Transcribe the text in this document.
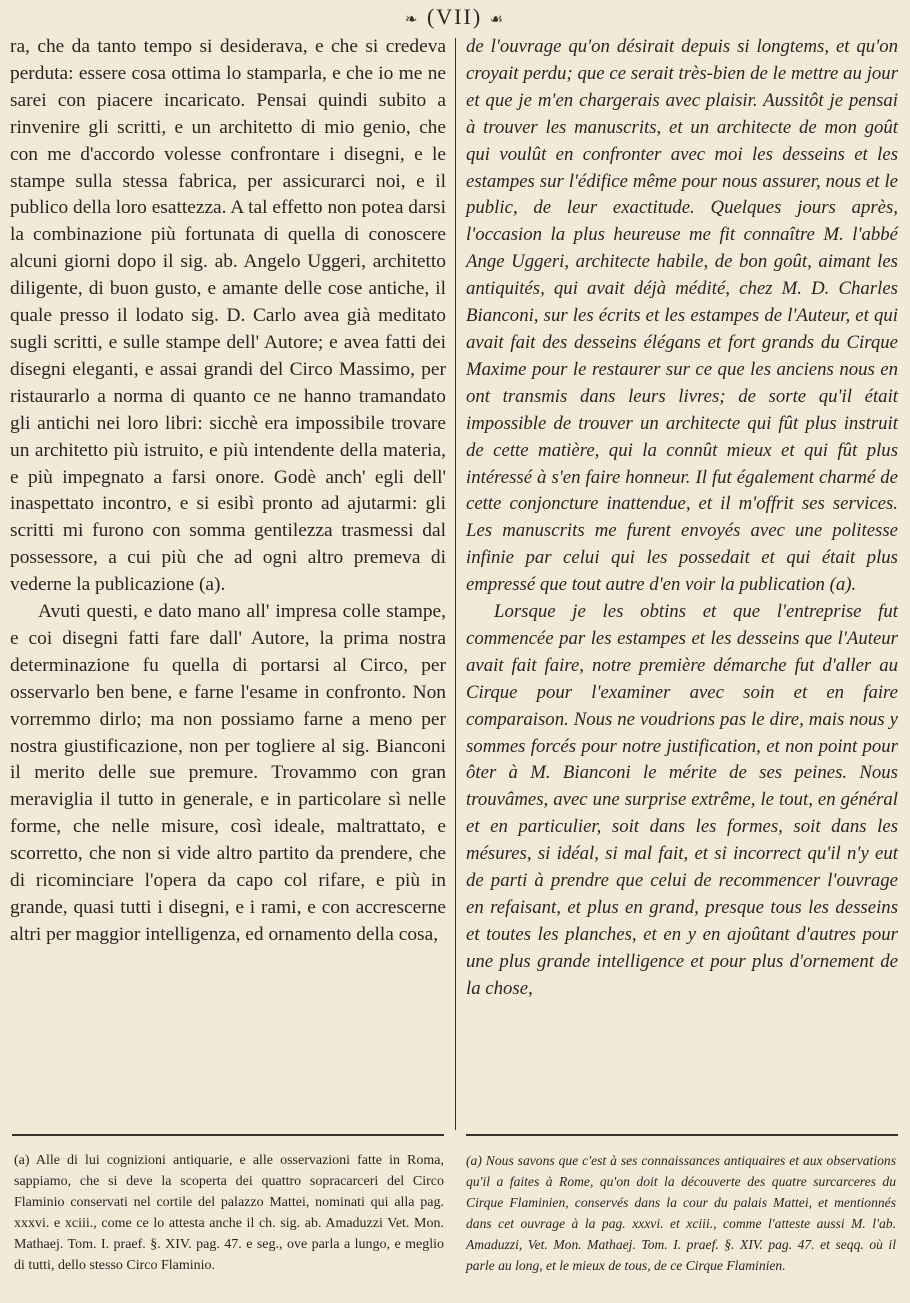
❧ (VII) ☙

ra, che da tanto tempo si desiderava, e che si credeva perduta: essere cosa ottima lo stamparla, e che io me ne sarei con piacere incaricato. Pensai quindi subito a rinvenire gli scritti, e un architetto di mio genio, che con me d'accordo volesse confrontare i disegni, e le stampe sulla stessa fabrica, per assicurarci noi, e il publico della loro esattezza. A tal effetto non potea darsi la combinazione più fortunata di quella di conoscere alcuni giorni dopo il sig. ab. Angelo Uggeri, architetto diligente, di buon gusto, e amante delle cose antiche, il quale presso il lodato sig. D. Carlo avea già meditato sugli scritti, e sulle stampe dell' Autore; e avea fatti dei disegni eleganti, e assai grandi del Circo Massimo, per ristaurarlo a norma di quanto ce ne hanno tramandato gli antichi nei loro libri: sicchè era impossibile trovare un architetto più istruito, e più intendente della materia, e più impegnato a farsi onore. Godè anch' egli dell' inaspettato incontro, e si esibì pronto ad ajutarmi: gli scritti mi furono con somma gentilezza trasmessi dal possessore, a cui più che ad ogni altro premeva di vederne la publicazione (a).

Avuti questi, e dato mano all' impresa colle stampe, e coi disegni fatti fare dall' Autore, la prima nostra determinazione fu quella di portarsi al Circo, per osservarlo ben bene, e farne l'esame in confronto. Non vorremmo dirlo; ma non possiamo farne a meno per nostra giustificazione, non per togliere al sig. Bianconi il merito delle sue premure. Trovammo con gran meraviglia il tutto in generale, e in particolare sì nelle forme, che nelle misure, così ideale, maltrattato, e scorretto, che non si vide altro partito da prendere, che di ricominciare l'opera da capo col rifare, e più in grande, quasi tutti i disegni, e i rami, e con accrescerne altri per maggior intelligenza, ed ornamento della cosa,

de l'ouvrage qu'on désirait depuis si longtems, et qu'on croyait perdu; que ce serait très-bien de le mettre au jour et que je m'en chargerais avec plaisir. Aussitôt je pensai à trouver les manuscrits, et un architecte de mon goût qui voulût en confronter avec moi les desseins et les estampes sur l'édifice même pour nous assurer, nous et le public, de leur exactitude. Quelques jours après, l'occasion la plus heureuse me fit connaître M. l'abbé Ange Uggeri, architecte habile, de bon goût, aimant les antiquités, qui avait déjà médité, chez M. D. Charles Bianconi, sur les écrits et les estampes de l'Auteur, et qui avait fait des desseins élégans et fort grands du Cirque Maxime pour le restaurer sur ce que les anciens nous en ont transmis dans leurs livres; de sorte qu'il était impossible de trouver un architecte qui fût plus instruit de cette matière, qui la connût mieux et qui fût plus intéressé à s'en faire honneur. Il fut également charmé de cette conjoncture inattendue, et il m'offrit ses services. Les manuscrits me furent envoyés avec une politesse infinie par celui qui les possedait et qui était plus empressé que tout autre d'en voir la publication (a).

Lorsque je les obtins et que l'entreprise fut commencée par les estampes et les desseins que l'Auteur avait fait faire, notre première démarche fut d'aller au Cirque pour l'examiner avec soin et en faire comparaison. Nous ne voudrions pas le dire, mais nous y sommes forcés pour notre justification, et non point pour ôter à M. Bianconi le mérite de ses peines. Nous trouvâmes, avec une surprise extrême, le tout, en général et en particulier, soit dans les formes, soit dans les mésures, si idéal, si mal fait, et si incorrect qu'il n'y eut de parti à prendre que celui de recommencer l'ouvrage en refaisant, et plus en grand, presque tous les desseins et toutes les planches, et en y en ajoûtant d'autres pour une plus grande intelligence et pour plus d'ornement de la chose,

(a) Alle di lui cognizioni antiquarie, e alle osservazioni fatte in Roma, sappiamo, che si deve la scoperta dei quattro sopracarceri del Circo Flaminio conservati nel cortile del palazzo Mattei, nominati qui alla pag. xxxvi. e xciii., come ce lo attesta anche il ch. sig. ab. Amaduzzi Vet. Mon. Mathaej. Tom. I. praef. §. XIV. pag. 47. e seg., ove parla a lungo, e meglio di tutti, dello stesso Circo Flaminio.

(a) Nous savons que c'est à ses connaissances antiquaires et aux observations qu'il a faites à Rome, qu'on doit la découverte des quatre surcarceres du Cirque Flaminien, conservés dans la cour du palais Mattei, et mentionnés dans cet ouvrage à la pag. xxxvi. et xciii., comme l'atteste aussi M. l'ab. Amaduzzi, Vet. Mon. Mathaej. Tom. I. praef. §. XIV. pag. 47. et seqq. où il parle au long, et le mieux de tous, de ce Cirque Flaminien.
